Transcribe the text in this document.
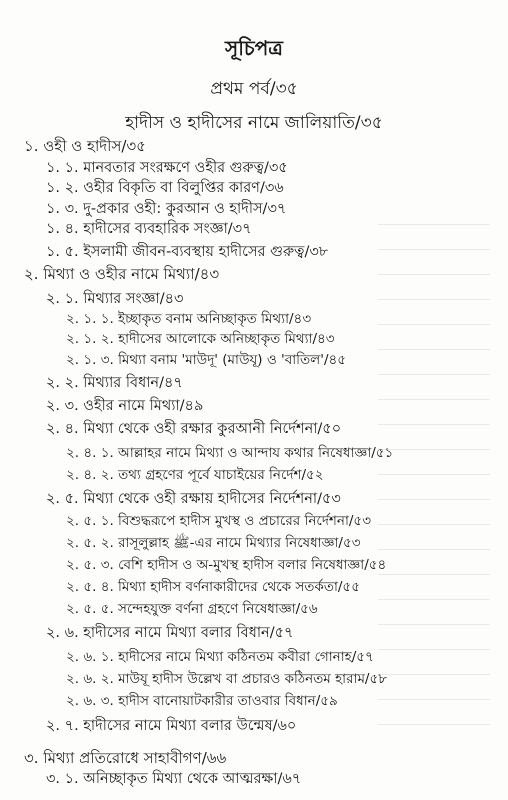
সূচিপত্র
প্রথম পর্ব/৩৫
হাদীস ও হাদীসের নামে জালিয়াতি/৩৫
১. ওহী ও হাদীস/৩৫
১. ১. মানবতার সংরক্ষণে ওহীর গুরুত্ব/৩৫
১. ২. ওহীর বিকৃতি বা বিলুপ্তির কারণ/৩৬
১. ৩. দু-প্রকার ওহী: কুরআন ও হাদীস/৩৭
১. ৪. হাদীসের ব্যবহারিক সংজ্ঞা/৩৭
১. ৫. ইসলামী জীবন-ব্যবস্থায় হাদীসের গুরুত্ব/৩৮
২. মিথ্যা ও ওহীর নামে মিথ্যা/৪৩
২. ১. মিথ্যার সংজ্ঞা/৪৩
২. ১. ১. ইচ্ছাকৃত বনাম অনিচ্ছাকৃত মিথ্যা/৪৩
২. ১. ২. হাদীসের আলোকে অনিচ্ছাকৃত মিথ্যা/৪৩
২. ১. ৩. মিথ্যা বনাম 'মাউদূ' (মাউযূ) ও 'বাতিল'/৪৫
২. ২. মিথ্যার বিধান/৪৭
২. ৩. ওহীর নামে মিথ্যা/৪৯
২. ৪. মিথ্যা থেকে ওহী রক্ষার কুরআনী নির্দেশনা/৫০
২. ৪. ১. আল্লাহর নামে মিথ্যা ও আন্দায কথার নিষেধাজ্ঞা/৫১
২. ৪. ২. তথ্য গ্রহণের পূর্বে যাচাইয়ের নির্দেশ/৫২
২. ৫. মিথ্যা থেকে ওহী রক্ষায় হাদীসের নির্দেশনা/৫৩
২. ৫. ১. বিশুদ্ধরূপে হাদীস মুখস্থ ও প্রচারের নির্দেশনা/৫৩
২. ৫. ২. রাসূলুল্লাহ ﷺ-এর নামে মিথ্যার নিষেধাজ্ঞা/৫৩
২. ৫. ৩. বেশি হাদীস ও অ-মুখস্থ হাদীস বলার নিষেধাজ্ঞা/৫৪
২. ৫. ৪. মিথ্যা হাদীস বর্ণনাকারীদের থেকে সতর্কতা/৫৫
২. ৫. ৫. সন্দেহযুক্ত বর্ণনা গ্রহণে নিষেধাজ্ঞা/৫৬
২. ৬. হাদীসের নামে মিথ্যা বলার বিধান/৫৭
২. ৬. ১. হাদীসের নামে মিথ্যা কঠিনতম কবীরা গোনাহ/৫৭
২. ৬. ২. মাউযূ হাদীস উল্লেখ বা প্রচারও কঠিনতম হারাম/৫৮
২. ৬. ৩. হাদীস বানোয়াটকারীর তাওবার বিধান/৫৯
২. ৭. হাদীসের নামে মিথ্যা বলার উন্মেষ/৬০
৩. মিথ্যা প্রতিরোধে সাহাবীগণ/৬৬
৩. ১. অনিচ্ছাকৃত মিথ্যা থেকে আত্মরক্ষা/৬৭
